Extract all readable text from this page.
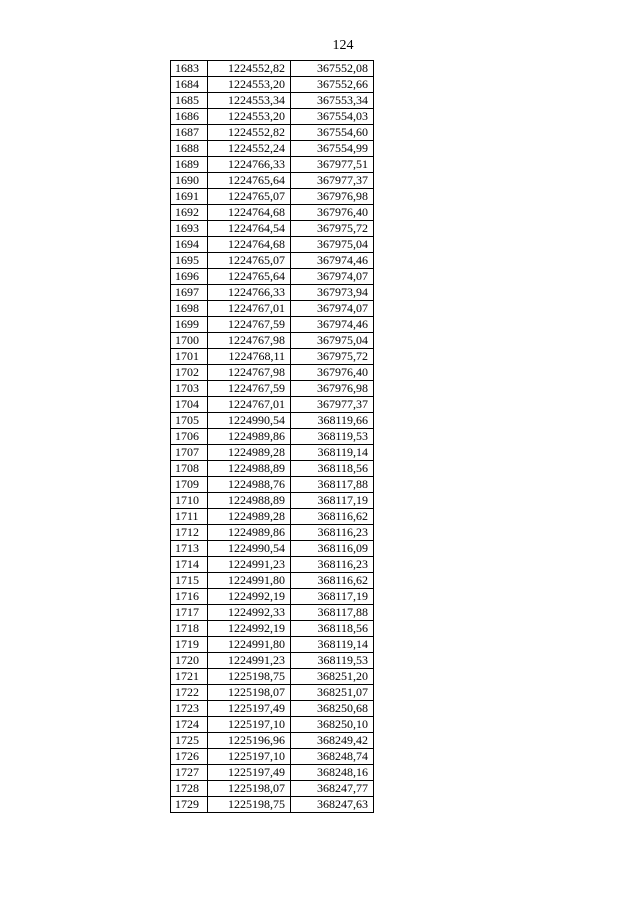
124
1683	1224552,82	367552,08
1684	1224553,20	367552,66
1685	1224553,34	367553,34
1686	1224553,20	367554,03
1687	1224552,82	367554,60
1688	1224552,24	367554,99
1689	1224766,33	367977,51
1690	1224765,64	367977,37
1691	1224765,07	367976,98
1692	1224764,68	367976,40
1693	1224764,54	367975,72
1694	1224764,68	367975,04
1695	1224765,07	367974,46
1696	1224765,64	367974,07
1697	1224766,33	367973,94
1698	1224767,01	367974,07
1699	1224767,59	367974,46
1700	1224767,98	367975,04
1701	1224768,11	367975,72
1702	1224767,98	367976,40
1703	1224767,59	367976,98
1704	1224767,01	367977,37
1705	1224990,54	368119,66
1706	1224989,86	368119,53
1707	1224989,28	368119,14
1708	1224988,89	368118,56
1709	1224988,76	368117,88
1710	1224988,89	368117,19
1711	1224989,28	368116,62
1712	1224989,86	368116,23
1713	1224990,54	368116,09
1714	1224991,23	368116,23
1715	1224991,80	368116,62
1716	1224992,19	368117,19
1717	1224992,33	368117,88
1718	1224992,19	368118,56
1719	1224991,80	368119,14
1720	1224991,23	368119,53
1721	1225198,75	368251,20
1722	1225198,07	368251,07
1723	1225197,49	368250,68
1724	1225197,10	368250,10
1725	1225196,96	368249,42
1726	1225197,10	368248,74
1727	1225197,49	368248,16
1728	1225198,07	368247,77
1729	1225198,75	368247,63
